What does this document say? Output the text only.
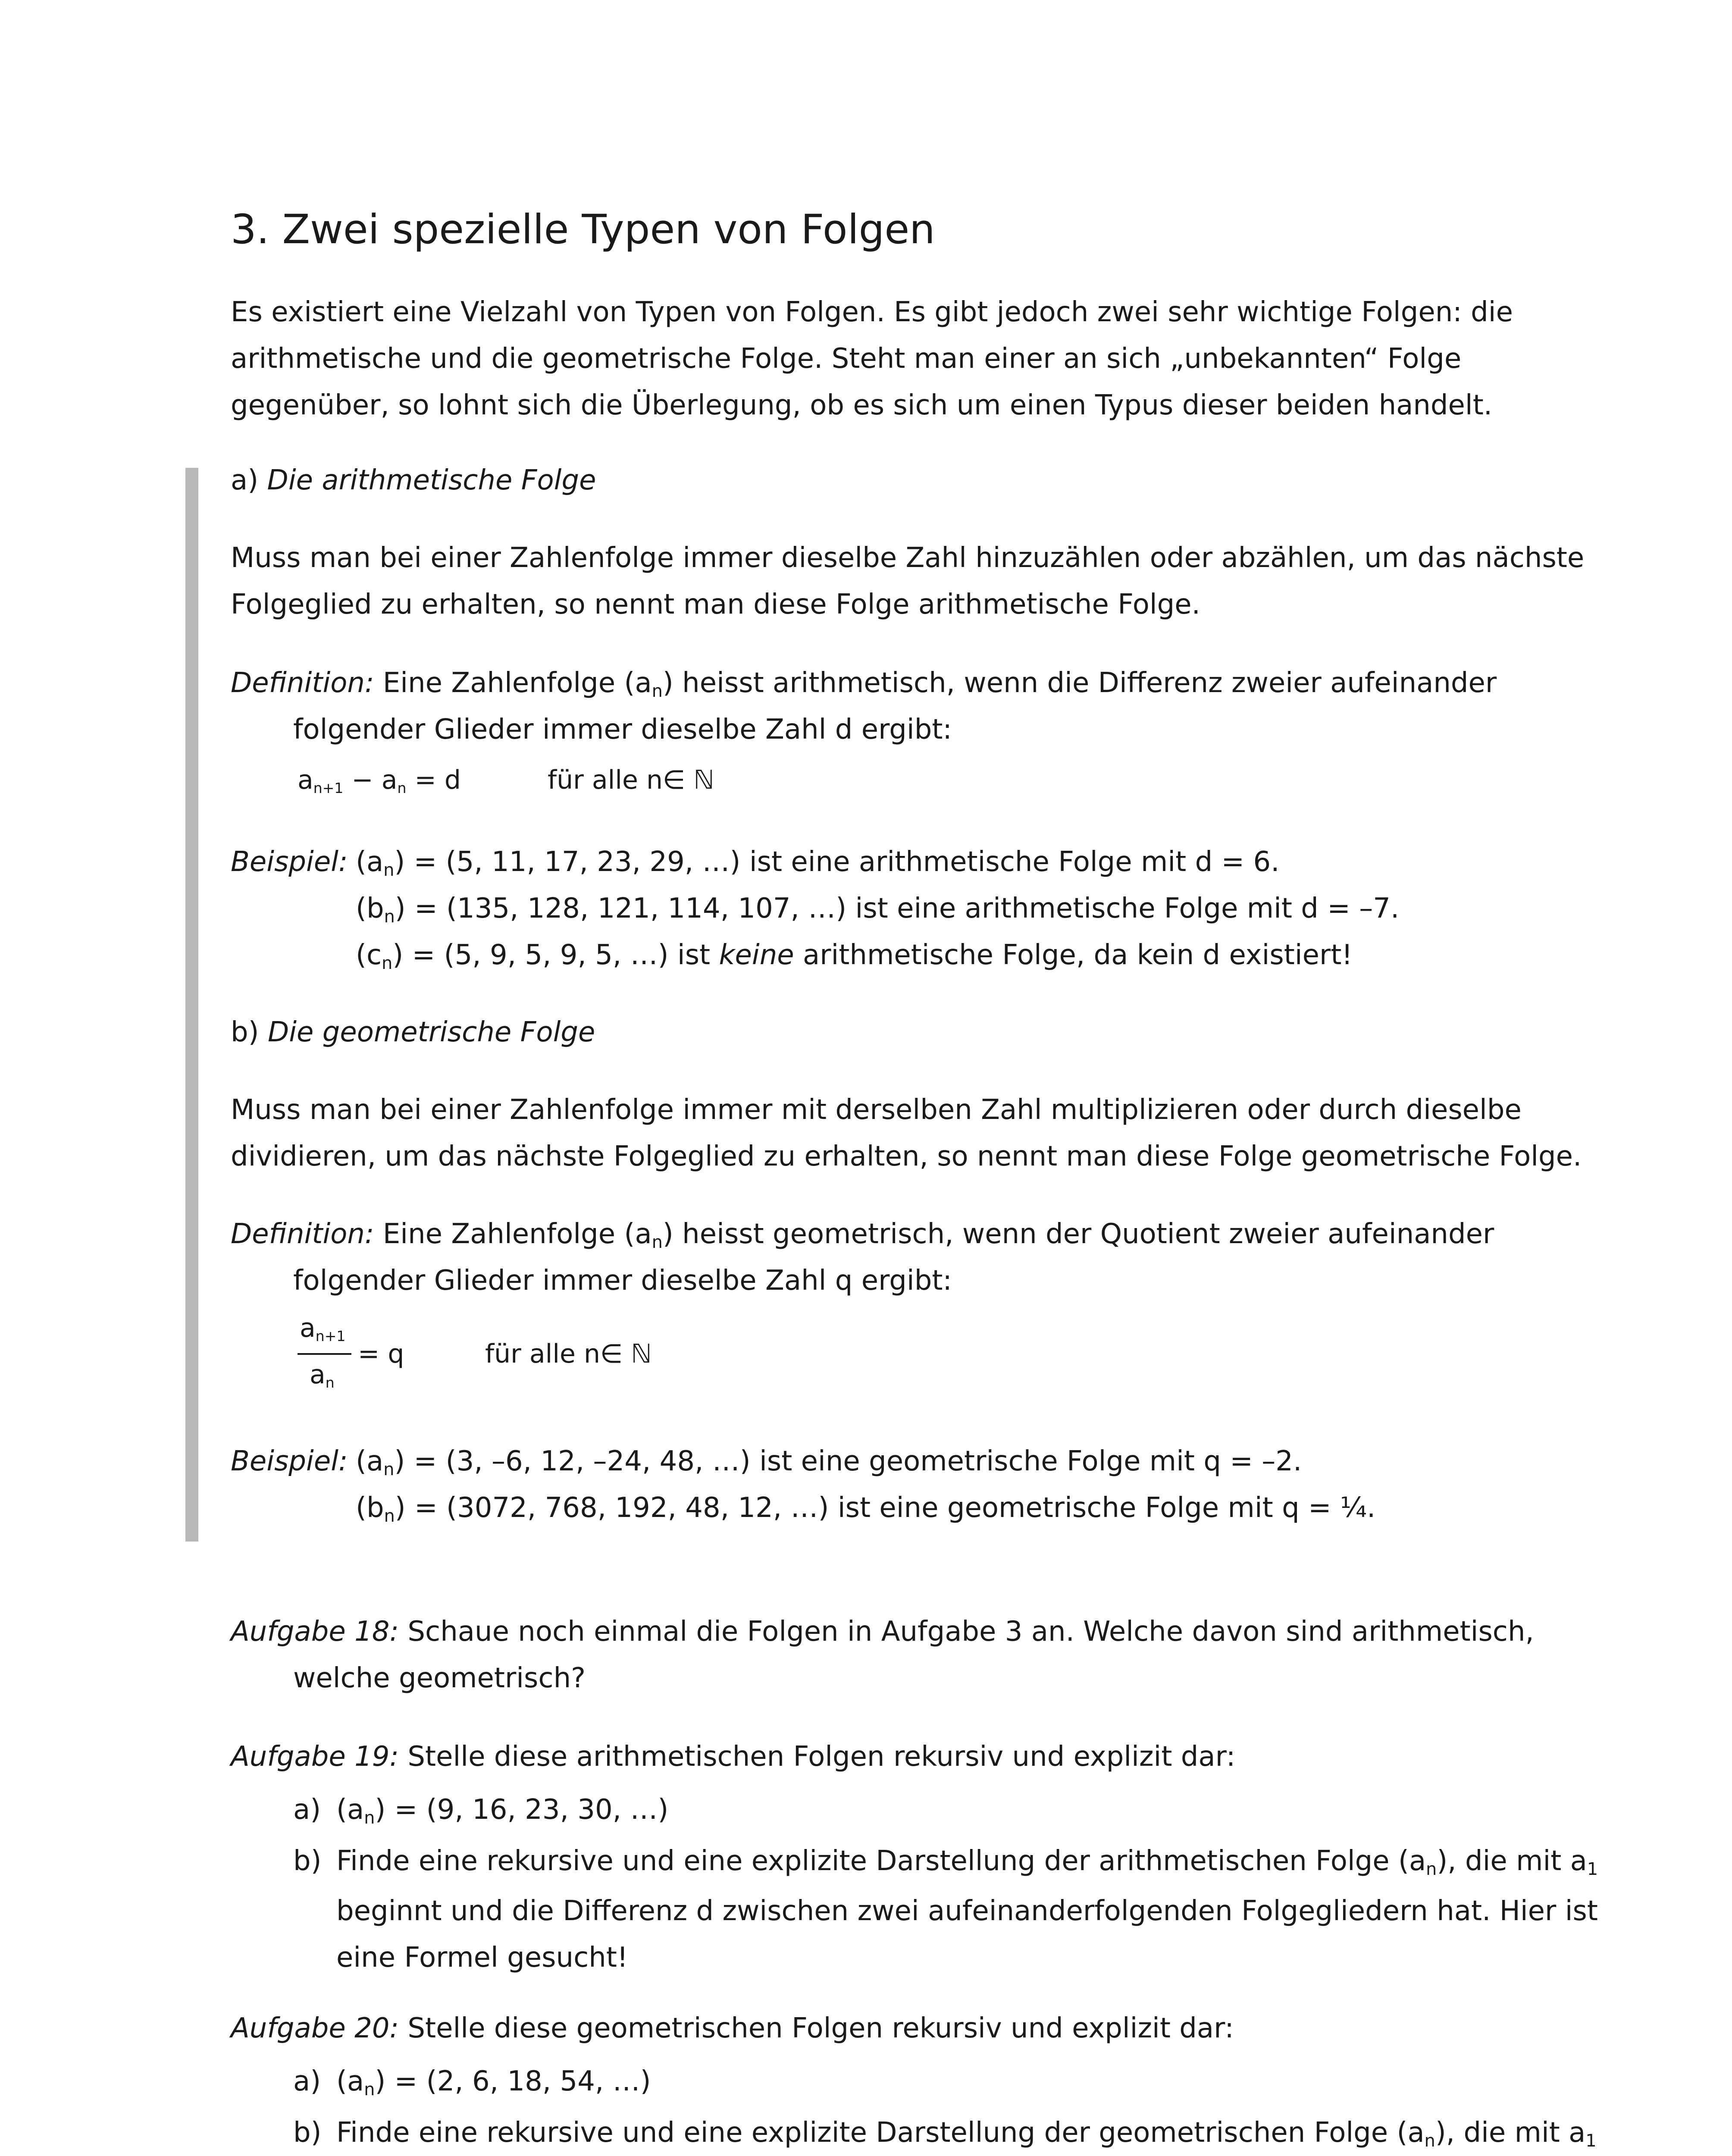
3. Zwei spezielle Typen von Folgen
Es existiert eine Vielzahl von Typen von Folgen. Es gibt jedoch zwei sehr wichtige Folgen: die
arithmetische und die geometrische Folge. Steht man einer an sich „unbekannten“ Folge
gegenüber, so lohnt sich die Überlegung, ob es sich um einen Typus dieser beiden handelt.
a) Die arithmetische Folge
Muss man bei einer Zahlenfolge immer dieselbe Zahl hinzuzählen oder abzählen, um das nächste
Folgeglied zu erhalten, so nennt man diese Folge arithmetische Folge.
Definition: Eine Zahlenfolge (an) heisst arithmetisch, wenn die Differenz zweier aufeinander
folgender Glieder immer dieselbe Zahl d ergibt:
an+1 − an = d	für alle n∈ ℕ
Beispiel: (an) = (5, 11, 17, 23, 29, …) ist eine arithmetische Folge mit d = 6.
(bn) = (135, 128, 121, 114, 107, …) ist eine arithmetische Folge mit d = –7.
(cn) = (5, 9, 5, 9, 5, …) ist keine arithmetische Folge, da kein d existiert!
b) Die geometrische Folge
Muss man bei einer Zahlenfolge immer mit derselben Zahl multiplizieren oder durch dieselbe
dividieren, um das nächste Folgeglied zu erhalten, so nennt man diese Folge geometrische Folge.
Definition: Eine Zahlenfolge (an) heisst geometrisch, wenn der Quotient zweier aufeinander
folgender Glieder immer dieselbe Zahl q ergibt:
an+1
an
= q	für alle n∈ ℕ
Beispiel: (an) = (3, –6, 12, –24, 48, …) ist eine geometrische Folge mit q = –2.
(bn) = (3072, 768, 192, 48, 12, …) ist eine geometrische Folge mit q = ¼.
Aufgabe 18: Schaue noch einmal die Folgen in Aufgabe 3 an. Welche davon sind arithmetisch,
welche geometrisch?
Aufgabe 19: Stelle diese arithmetischen Folgen rekursiv und explizit dar:
a) (an) = (9, 16, 23, 30, …)
b) Finde eine rekursive und eine explizite Darstellung der arithmetischen Folge (an), die mit a1
beginnt und die Differenz d zwischen zwei aufeinanderfolgenden Folgegliedern hat. Hier ist
eine Formel gesucht!
Aufgabe 20: Stelle diese geometrischen Folgen rekursiv und explizit dar:
a) (an) = (2, 6, 18, 54, …)
b) Finde eine rekursive und eine explizite Darstellung der geometrischen Folge (an), die mit a1
